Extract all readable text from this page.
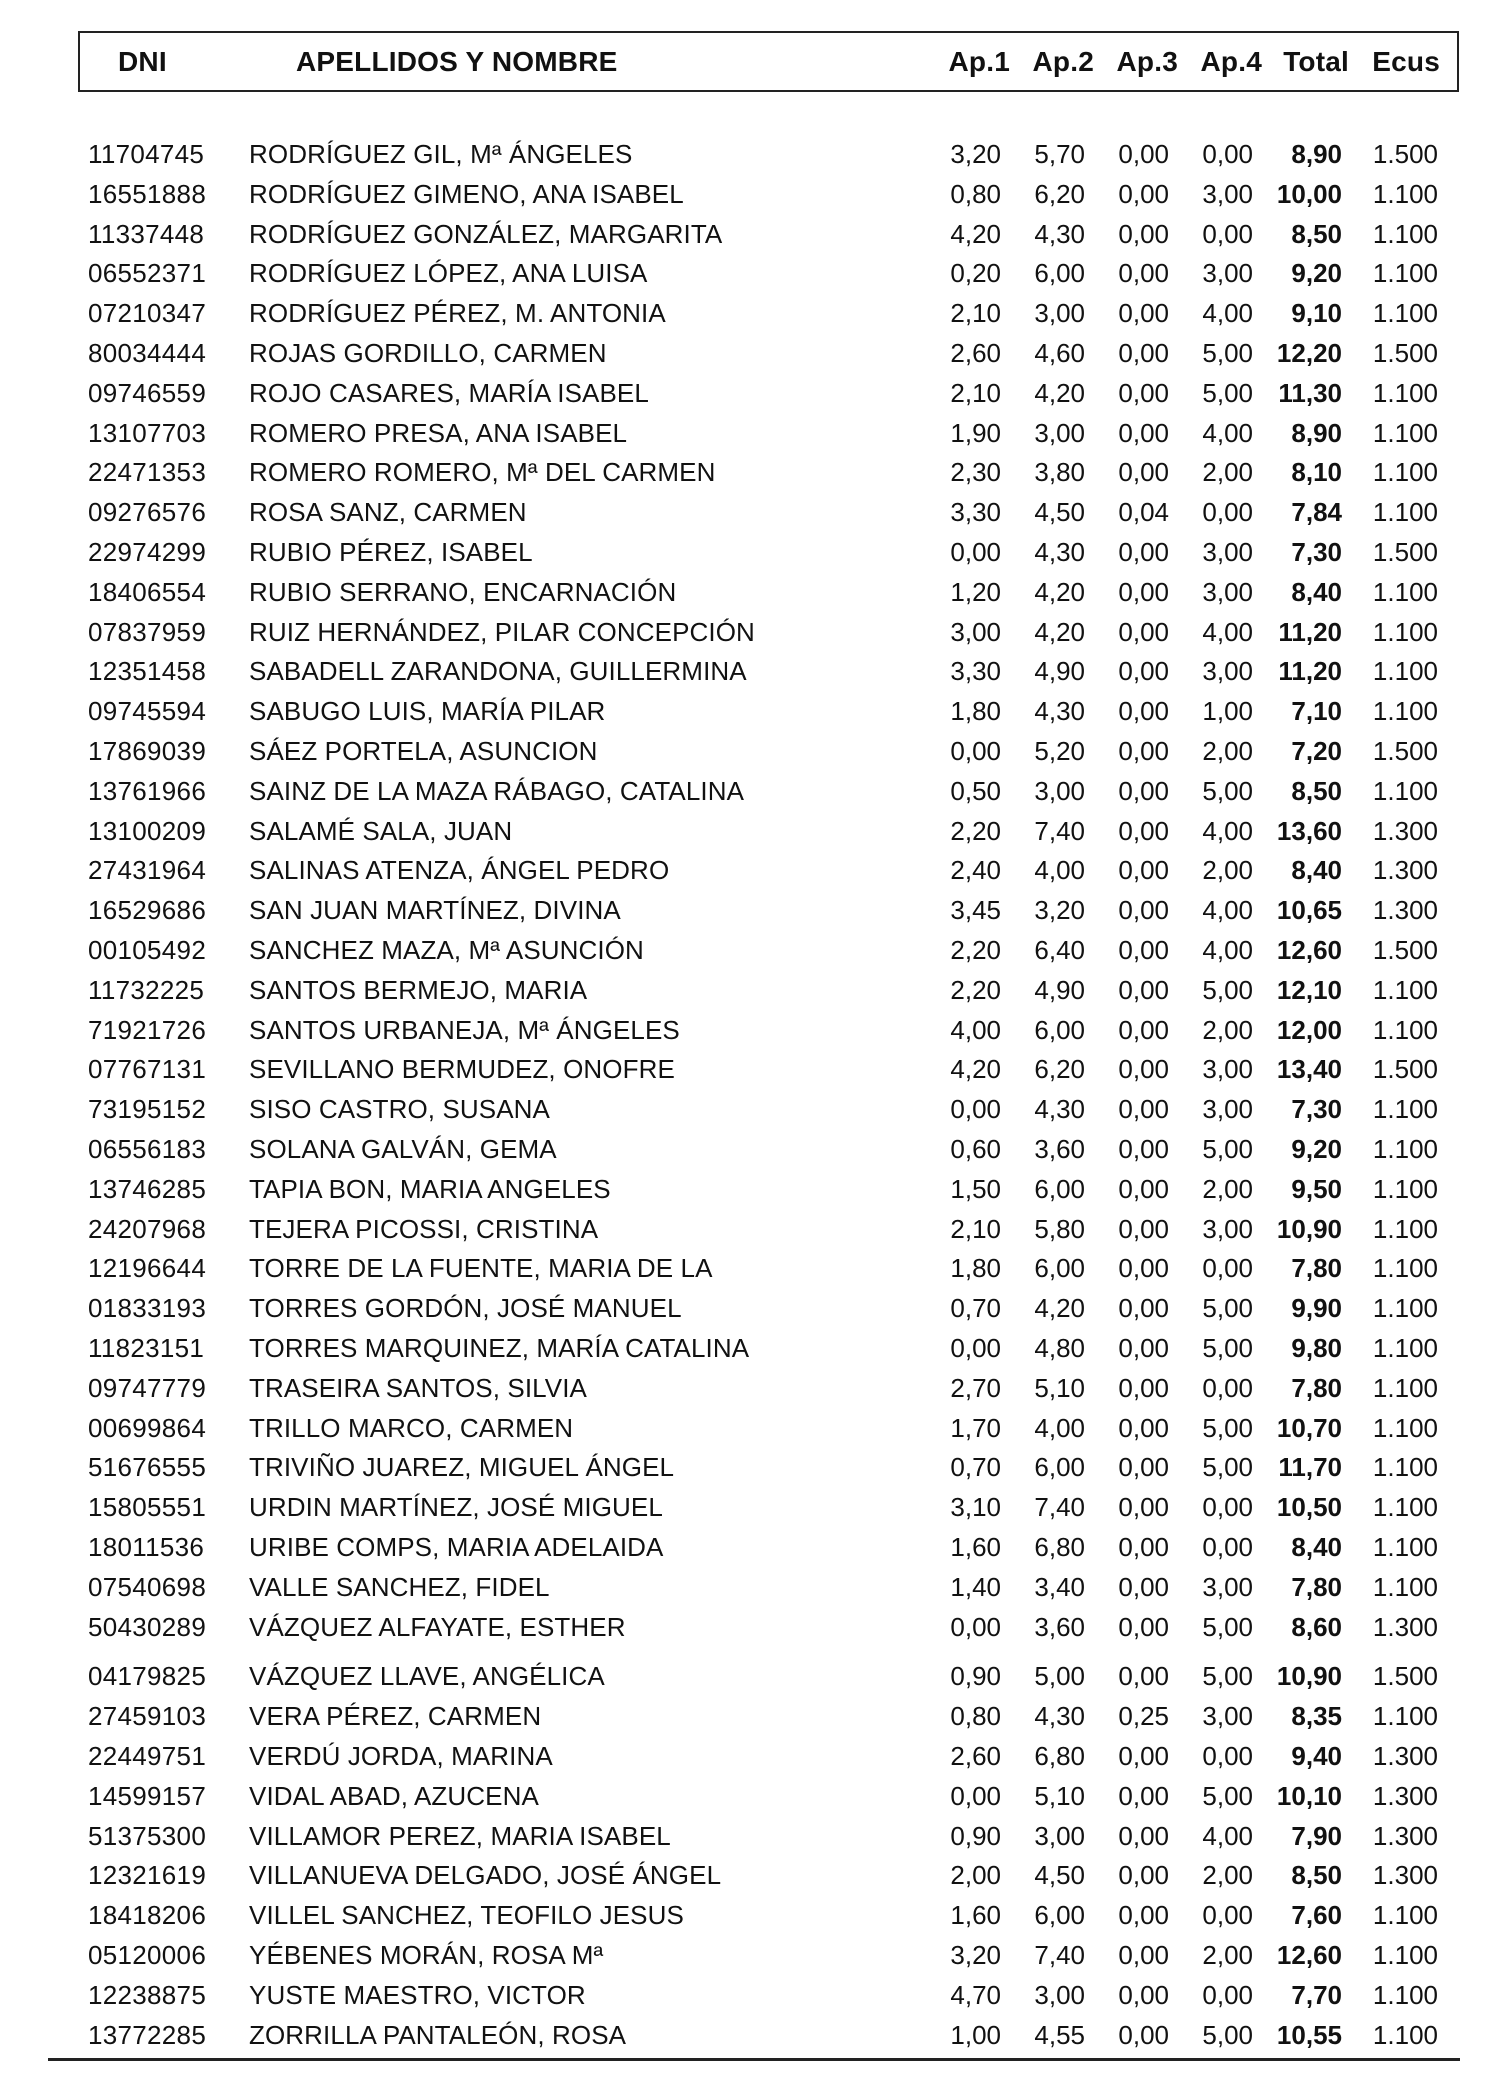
DNI	APELLIDOS Y NOMBRE	Ap.1 Ap.2 Ap.3 Ap.4 Total Ecus
11704745 RODRÍGUEZ GIL, Mª ÁNGELES	3,20	5,70	0,00	0,00	8,90	1.500
16551888 RODRÍGUEZ GIMENO, ANA ISABEL	0,80	6,20	0,00	3,00 10,00	1.100
11337448 RODRÍGUEZ GONZÁLEZ, MARGARITA	4,20	4,30	0,00	0,00	8,50	1.100
06552371 RODRÍGUEZ LÓPEZ, ANA LUISA	0,20	6,00	0,00	3,00	9,20	1.100
07210347 RODRÍGUEZ PÉREZ, M. ANTONIA	2,10	3,00	0,00	4,00	9,10	1.100
80034444 ROJAS GORDILLO, CARMEN	2,60	4,60	0,00	5,00 12,20	1.500
09746559 ROJO CASARES, MARÍA ISABEL	2,10	4,20	0,00	5,00 11,30	1.100
13107703 ROMERO PRESA, ANA ISABEL	1,90	3,00	0,00	4,00	8,90	1.100
22471353 ROMERO ROMERO, Mª DEL CARMEN	2,30	3,80	0,00	2,00	8,10	1.100
09276576 ROSA SANZ, CARMEN	3,30	4,50	0,04	0,00	7,84	1.100
22974299 RUBIO PÉREZ, ISABEL	0,00	4,30	0,00	3,00	7,30	1.500
18406554 RUBIO SERRANO, ENCARNACIÓN	1,20	4,20	0,00	3,00	8,40	1.100
07837959 RUIZ HERNÁNDEZ, PILAR CONCEPCIÓN	3,00	4,20	0,00	4,00 11,20	1.100
12351458 SABADELL ZARANDONA, GUILLERMINA	3,30	4,90	0,00	3,00 11,20	1.100
09745594 SABUGO LUIS, MARÍA PILAR	1,80	4,30	0,00	1,00	7,10	1.100
17869039 SÁEZ PORTELA, ASUNCION	0,00	5,20	0,00	2,00	7,20	1.500
13761966 SAINZ DE LA MAZA RÁBAGO, CATALINA	0,50	3,00	0,00	5,00	8,50	1.100
13100209 SALAMÉ SALA, JUAN	2,20	7,40	0,00	4,00 13,60	1.300
27431964 SALINAS ATENZA, ÁNGEL PEDRO	2,40	4,00	0,00	2,00	8,40	1.300
16529686 SAN JUAN MARTÍNEZ, DIVINA	3,45	3,20	0,00	4,00 10,65	1.300
00105492 SANCHEZ MAZA, Mª ASUNCIÓN	2,20	6,40	0,00	4,00 12,60	1.500
11732225 SANTOS BERMEJO, MARIA	2,20	4,90	0,00	5,00 12,10	1.100
71921726 SANTOS URBANEJA, Mª ÁNGELES	4,00	6,00	0,00	2,00 12,00	1.100
07767131 SEVILLANO BERMUDEZ, ONOFRE	4,20	6,20	0,00	3,00 13,40	1.500
73195152 SISO CASTRO, SUSANA	0,00	4,30	0,00	3,00	7,30	1.100
06556183 SOLANA GALVÁN, GEMA	0,60	3,60	0,00	5,00	9,20	1.100
13746285 TAPIA BON, MARIA ANGELES	1,50	6,00	0,00	2,00	9,50	1.100
24207968 TEJERA PICOSSI, CRISTINA	2,10	5,80	0,00	3,00 10,90	1.100
12196644 TORRE DE LA FUENTE, MARIA DE LA	1,80	6,00	0,00	0,00	7,80	1.100
01833193 TORRES GORDÓN, JOSÉ MANUEL	0,70	4,20	0,00	5,00	9,90	1.100
11823151 TORRES MARQUINEZ, MARÍA CATALINA	0,00	4,80	0,00	5,00	9,80	1.100
09747779 TRASEIRA SANTOS, SILVIA	2,70	5,10	0,00	0,00	7,80	1.100
00699864 TRILLO MARCO, CARMEN	1,70	4,00	0,00	5,00 10,70	1.100
51676555 TRIVIÑO JUAREZ, MIGUEL ÁNGEL	0,70	6,00	0,00	5,00 11,70	1.100
15805551 URDIN MARTÍNEZ, JOSÉ MIGUEL	3,10	7,40	0,00	0,00 10,50	1.100
18011536 URIBE COMPS, MARIA ADELAIDA	1,60	6,80	0,00	0,00	8,40	1.100
07540698 VALLE SANCHEZ, FIDEL	1,40	3,40	0,00	3,00	7,80	1.100
50430289 VÁZQUEZ ALFAYATE, ESTHER	0,00	3,60	0,00	5,00	8,60	1.300
04179825 VÁZQUEZ LLAVE, ANGÉLICA	0,90	5,00	0,00	5,00 10,90	1.500
27459103 VERA PÉREZ, CARMEN	0,80	4,30	0,25	3,00	8,35	1.100
22449751 VERDÚ JORDA, MARINA	2,60	6,80	0,00	0,00	9,40	1.300
14599157 VIDAL ABAD, AZUCENA	0,00	5,10	0,00	5,00 10,10	1.300
51375300 VILLAMOR PEREZ, MARIA ISABEL	0,90	3,00	0,00	4,00	7,90	1.300
12321619 VILLANUEVA DELGADO, JOSÉ ÁNGEL	2,00	4,50	0,00	2,00	8,50	1.300
18418206 VILLEL SANCHEZ, TEOFILO JESUS	1,60	6,00	0,00	0,00	7,60	1.100
05120006 YÉBENES MORÁN, ROSA Mª	3,20	7,40	0,00	2,00 12,60	1.100
12238875 YUSTE MAESTRO, VICTOR	4,70	3,00	0,00	0,00	7,70	1.100
13772285 ZORRILLA PANTALEÓN, ROSA	1,00	4,55	0,00	5,00 10,55	1.100
